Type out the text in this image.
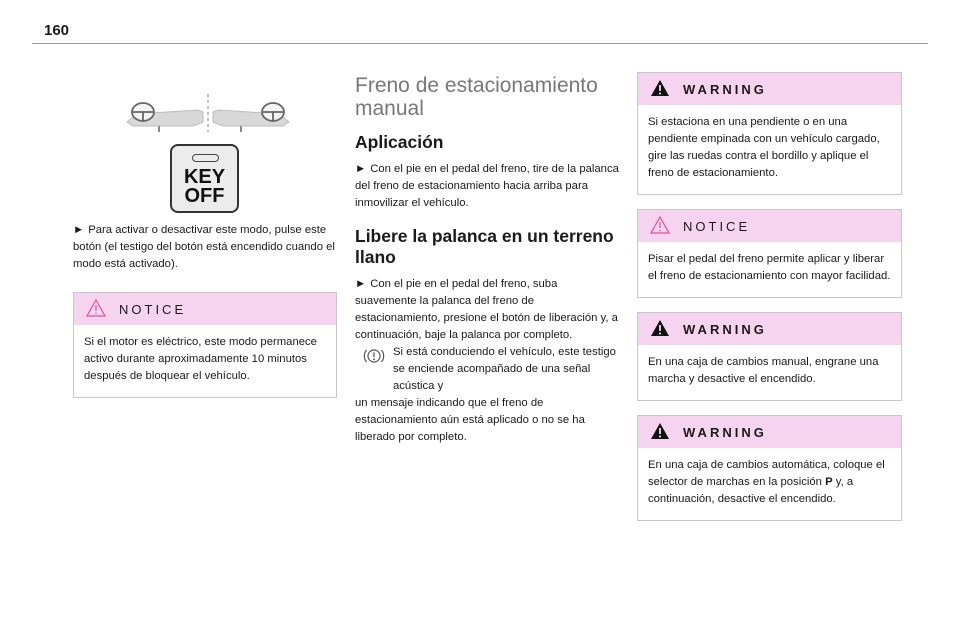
160
KEY
OFF

► Para activar o desactivar este modo, pulse este botón (el testigo del botón está encendido cuando el modo está activado).

NOTICE
Si el motor es eléctrico, este modo permanece activo durante aproximadamente 10 minutos después de bloquear el vehículo.
Freno de estacionamiento manual
Aplicación

► Con el pie en el pedal del freno, tire de la palanca del freno de estacionamiento hacia arriba para inmovilizar el vehículo.

Libere la palanca en un terreno llano

► Con el pie en el pedal del freno, suba suavemente la palanca del freno de estacionamiento, presione el botón de liberación y, a continuación, baje la palanca por completo.

Si está conduciendo el vehículo, este testigo se enciende acompañado de una señal acústica y

un mensaje indicando que el freno de estacionamiento aún está aplicado o no se ha liberado por completo.

WARNING
Si estaciona en una pendiente o en una pendiente empinada con un vehículo cargado, gire las ruedas contra el bordillo y aplique el freno de estacionamiento.
NOTICE
Pisar el pedal del freno permite aplicar y liberar el freno de estacionamiento con mayor facilidad.
WARNING
En una caja de cambios manual, engrane una marcha y desactive el encendido.
WARNING
En una caja de cambios automática, coloque el selector de marchas en la posición P y, a continuación, desactive el encendido.
